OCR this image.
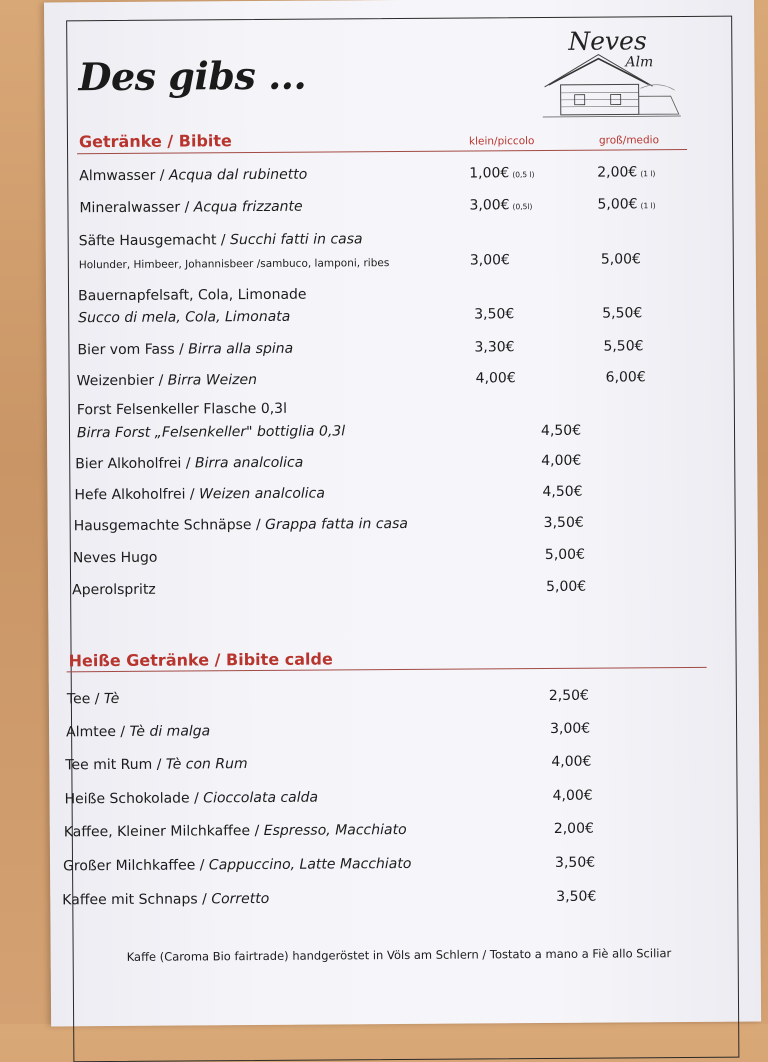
Des gibs ...
Neves
Alm
Getränke / Bibite	klein/piccolo	groß/medio
Almwasser / Acqua dal rubinetto	1,00€ (0,5 l)	2,00€ (1 l)
Mineralwasser / Acqua frizzante	3,00€ (0,5l)	5,00€ (1 l)
Säfte Hausgemacht / Succhi fatti in casa
Holunder, Himbeer, Johannisbeer /sambuco, lamponi, ribes	3,00€	5,00€
Bauernapfelsaft, Cola, Limonade
Succo di mela, Cola, Limonata	3,50€	5,50€
Bier vom Fass / Birra alla spina	3,30€	5,50€
Weizenbier / Birra Weizen	4,00€	6,00€
Forst Felsenkeller Flasche 0,3l
Birra Forst „Felsenkeller" bottiglia 0,3l	4,50€
Bier Alkoholfrei / Birra analcolica	4,00€
Hefe Alkoholfrei / Weizen analcolica	4,50€
Hausgemachte Schnäpse / Grappa fatta in casa	3,50€
Neves Hugo	5,00€
Aperolspritz	5,00€
Heiße Getränke / Bibite calde
Tee / Tè	2,50€
Almtee / Tè di malga	3,00€
Tee mit Rum / Tè con Rum	4,00€
Heiße Schokolade / Cioccolata calda	4,00€
Kaffee, Kleiner Milchkaffee / Espresso, Macchiato	2,00€
Großer Milchkaffee / Cappuccino, Latte Macchiato	3,50€
Kaffee mit Schnaps / Corretto	3,50€
Kaffe (Caroma Bio fairtrade) handgeröstet in Völs am Schlern / Tostato a mano a Fiè allo Sciliar
